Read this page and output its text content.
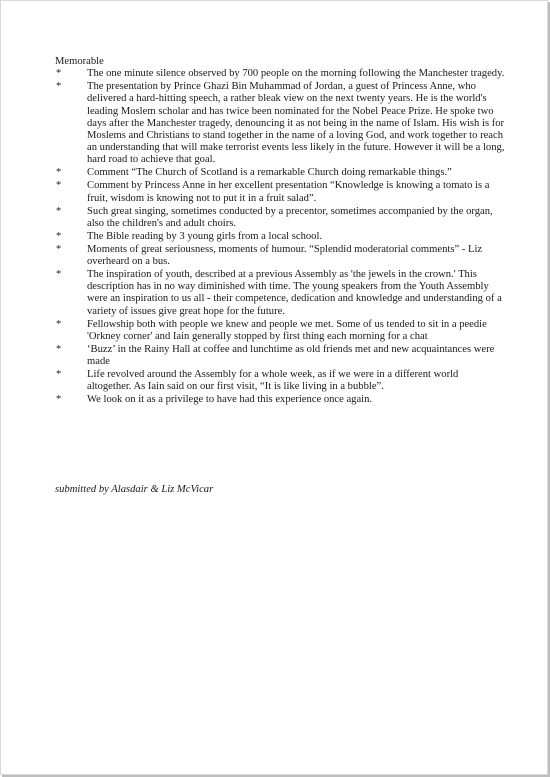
Memorable

* The one minute silence observed by 700 people on the morning following the Manchester tragedy.
* The presentation by Prince Ghazi Bin Muhammad of Jordan, a guest of Princess Anne, who delivered a hard-hitting speech, a rather bleak view on the next twenty years. He is the world's leading Moslem scholar and has twice been nominated for the Nobel Peace Prize. He spoke two days after the Manchester tragedy, denouncing it as not being in the name of Islam. His wish is for Moslems and Christians to stand together in the name of a loving God, and work together to reach an understanding that will make terrorist events less likely in the future. However it will be a long, hard road to achieve that goal.
* Comment “The Church of Scotland is a remarkable Church doing remarkable things.”
* Comment by Princess Anne in her excellent presentation “Knowledge is knowing a tomato is a fruit, wisdom is knowing not to put it in a fruit salad”.
* Such great singing, sometimes conducted by a precentor, sometimes accompanied by the organ, also the children's and adult choirs.
* The Bible reading by 3 young girls from a local school.
* Moments of great seriousness, moments of humour. “Splendid moderatorial comments” - Liz overheard on a bus.
* The inspiration of youth, described at a previous Assembly as 'the jewels in the crown.' This description has in no way diminished with time. The young speakers from the Youth Assembly were an inspiration to us all - their competence, dedication and knowledge and understanding of a variety of issues give great hope for the future.
* Fellowship both with people we knew and people we met. Some of us tended to sit in a peedie 'Orkney corner' and Iain generally stopped by first thing each morning for a chat
* ‘Buzz’ in the Rainy Hall at coffee and lunchtime as old friends met and new acquaintances were made
* Life revolved around the Assembly for a whole week, as if we were in a different world altogether. As Iain said on our first visit, “It is like living in a bubble”.
* We look on it as a privilege to have had this experience once again.
submitted by Alasdair & Liz McVicar
